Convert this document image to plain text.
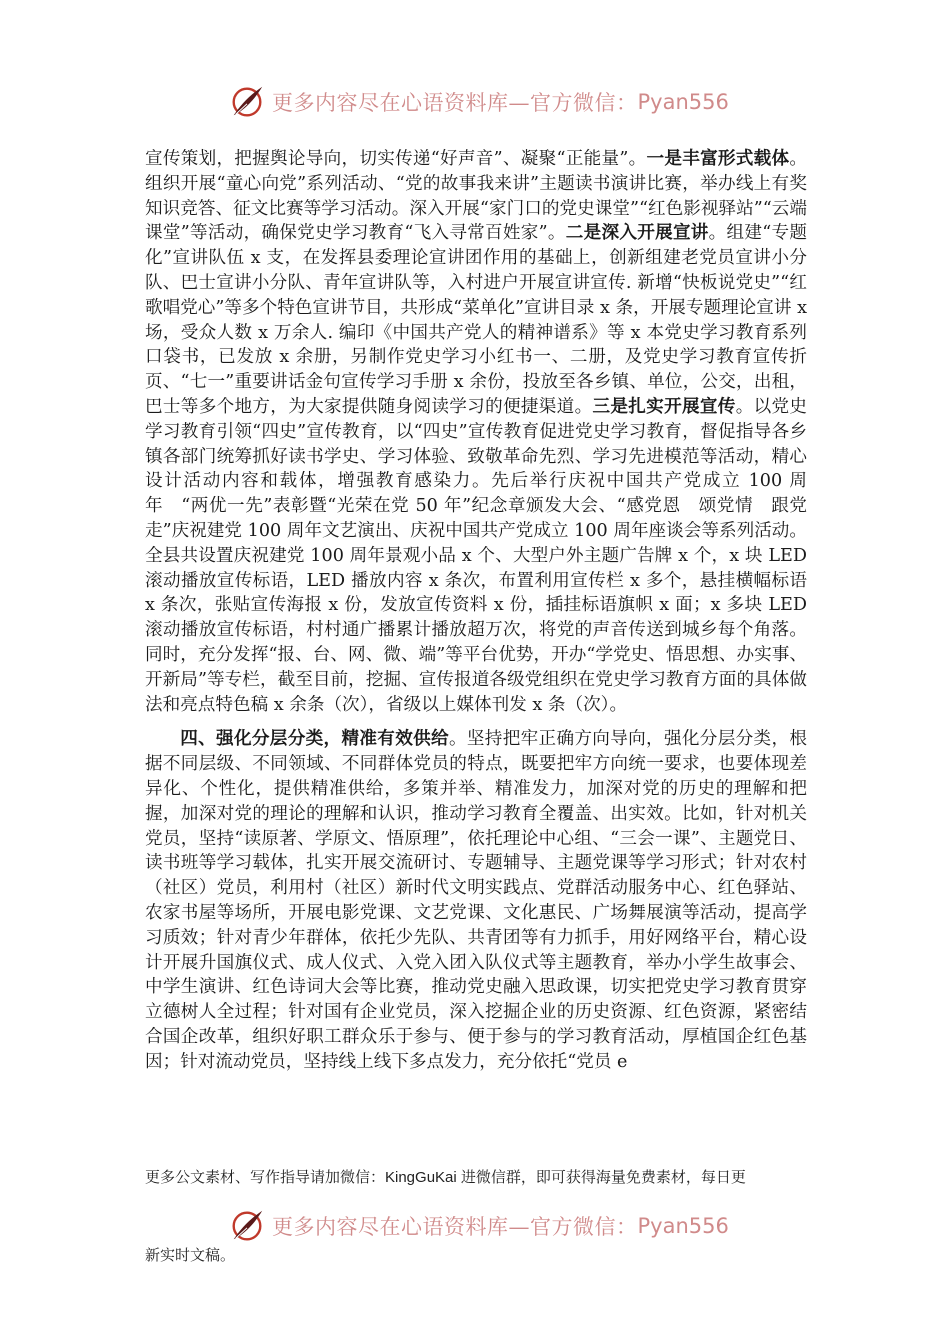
更多内容尽在心语资料库—官方微信： Pyan556

宣传策划，把握舆论导向，切实传递“好声音”、凝聚“正能量”。一是丰富形式载体。组织开展“童心向党”系列活动、“党的故事我来讲”主题读书演讲比赛，举办线上有奖知识竞答、征文比赛等学习活动。深入开展“家门口的党史课堂”“红色影视驿站”“云端课堂”等活动，确保党史学习教育“飞入寻常百姓家”。二是深入开展宣讲。组建“专题化”宣讲队伍 x 支，在发挥县委理论宣讲团作用的基础上，创新组建老党员宣讲小分队、巴士宣讲小分队、青年宣讲队等，入村进户开展宣讲宣传. 新增“快板说党史”“红歌唱党心”等多个特色宣讲节目，共形成“菜单化”宣讲目录 x 条，开展专题理论宣讲 x 场，受众人数 x 万余人. 编印《中国共产党人的精神谱系》等 x 本党史学习教育系列口袋书，已发放 x 余册，另制作党史学习小红书一、二册，及党史学习教育宣传折页、“七一”重要讲话金句宣传学习手册 x 余份，投放至各乡镇、单位，公交，出租，巴士等多个地方，为大家提供随身阅读学习的便捷渠道。三是扎实开展宣传。以党史学习教育引领“四史”宣传教育，以“四史”宣传教育促进党史学习教育，督促指导各乡镇各部门统筹抓好读书学史、学习体验、致敬革命先烈、学习先进模范等活动，精心设计活动内容和载体，增强教育感染力。先后举行庆祝中国共产党成立 100 周年　“两优一先”表彰暨“光荣在党 50 年”纪念章颁发大会、“感党恩　颂党情　跟党走”庆祝建党 100 周年文艺演出、庆祝中国共产党成立 100 周年座谈会等系列活动。全县共设置庆祝建党 100 周年景观小品 x 个、大型户外主题广告牌 x 个，x 块 LED 滚动播放宣传标语，LED 播放内容 x 条次，布置利用宣传栏 x 多个，悬挂横幅标语 x 条次，张贴宣传海报 x 份，发放宣传资料 x 份，插挂标语旗帜 x 面；x 多块 LED 滚动播放宣传标语，村村通广播累计播放超万次，将党的声音传送到城乡每个角落。同时，充分发挥“报、台、网、微、端”等平台优势，开办“学党史、悟思想、办实事、开新局”等专栏，截至目前，挖掘、宣传报道各级党组织在党史学习教育方面的具体做法和亮点特色稿 x 余条（次），省级以上媒体刊发 x 条（次）。

四、强化分层分类，精准有效供给。坚持把牢正确方向导向，强化分层分类，根据不同层级、不同领域、不同群体党员的特点，既要把牢方向统一要求，也要体现差异化、个性化，提供精准供给，多策并举、精准发力，加深对党的历史的理解和把握，加深对党的理论的理解和认识，推动学习教育全覆盖、出实效。比如，针对机关党员，坚持“读原著、学原文、悟原理”，依托理论中心组、“三会一课”、主题党日、读书班等学习载体，扎实开展交流研讨、专题辅导、主题党课等学习形式；针对农村（社区）党员，利用村（社区）新时代文明实践点、党群活动服务中心、红色驿站、农家书屋等场所，开展电影党课、文艺党课、文化惠民、广场舞展演等活动，提高学习质效；针对青少年群体，依托少先队、共青团等有力抓手，用好网络平台，精心设计开展升国旗仪式、成人仪式、入党入团入队仪式等主题教育，举办小学生故事会、中学生演讲、红色诗词大会等比赛，推动党史融入思政课，切实把党史学习教育贯穿立德树人全过程；针对国有企业党员，深入挖掘企业的历史资源、红色资源，紧密结合国企改革，组织好职工群众乐于参与、便于参与的学习教育活动，厚植国企红色基因；针对流动党员，坚持线上线下多点发力，充分依托“党员 e

更多公文素材、写作指导请加微信：KingGuKai 进微信群，即可获得海量免费素材，每日更
更多内容尽在心语资料库—官方微信： Pyan556
新实时文稿。
